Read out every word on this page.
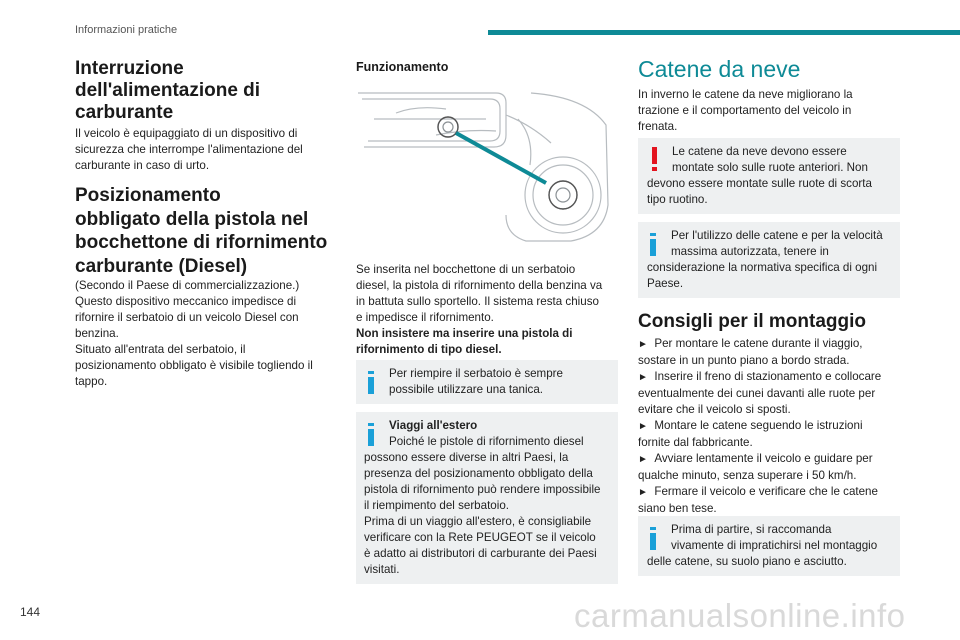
Informazioni pratiche
Interruzione
dell'alimentazione di
carburante
Il veicolo è equipaggiato di un dispositivo di
sicurezza che interrompe l'alimentazione del
carburante in caso di urto.
Posizionamento
obbligato della pistola nel
bocchettone di rifornimento
carburante (Diesel)
(Secondo il Paese di commercializzazione.)
Questo dispositivo meccanico impedisce di
rifornire il serbatoio di un veicolo Diesel con
benzina.
Situato all'entrata del serbatoio, il
posizionamento obbligato è visibile togliendo il
tappo.
Funzionamento
Se inserita nel bocchettone di un serbatoio
diesel, la pistola di rifornimento della benzina va
in battuta sullo sportello. Il sistema resta chiuso
e impedisce il rifornimento.
Non insistere ma inserire una pistola di
rifornimento di tipo diesel.
Per riempire il serbatoio è sempre
possibile utilizzare una tanica.
Viaggi all'estero
Poiché le pistole di rifornimento diesel
possono essere diverse in altri Paesi, la
presenza del posizionamento obbligato della
pistola di rifornimento può rendere impossibile
il riempimento del serbatoio.
Prima di un viaggio all'estero, è consigliabile
verificare con la Rete PEUGEOT se il veicolo
è adatto ai distributori di carburante dei Paesi
visitati.
Catene da neve
In inverno le catene da neve migliorano la
trazione e il comportamento del veicolo in
frenata.
Le catene da neve devono essere
montate solo sulle ruote anteriori. Non
devono essere montate sulle ruote di scorta
tipo ruotino.
Per l'utilizzo delle catene e per la velocità
massima autorizzata, tenere in
considerazione la normativa specifica di ogni
Paese.
Consigli per il montaggio
► Per montare le catene durante il viaggio,
sostare in un punto piano a bordo strada.
► Inserire il freno di stazionamento e collocare
eventualmente dei cunei davanti alle ruote per
evitare che il veicolo si sposti.
► Montare le catene seguendo le istruzioni
fornite dal fabbricante.
► Avviare lentamente il veicolo e guidare per
qualche minuto, senza superare i 50 km/h.
► Fermare il veicolo e verificare che le catene
siano ben tese.
Prima di partire, si raccomanda
vivamente di impratichirsi nel montaggio
delle catene, su suolo piano e asciutto.
144	carmanualsonline.info
